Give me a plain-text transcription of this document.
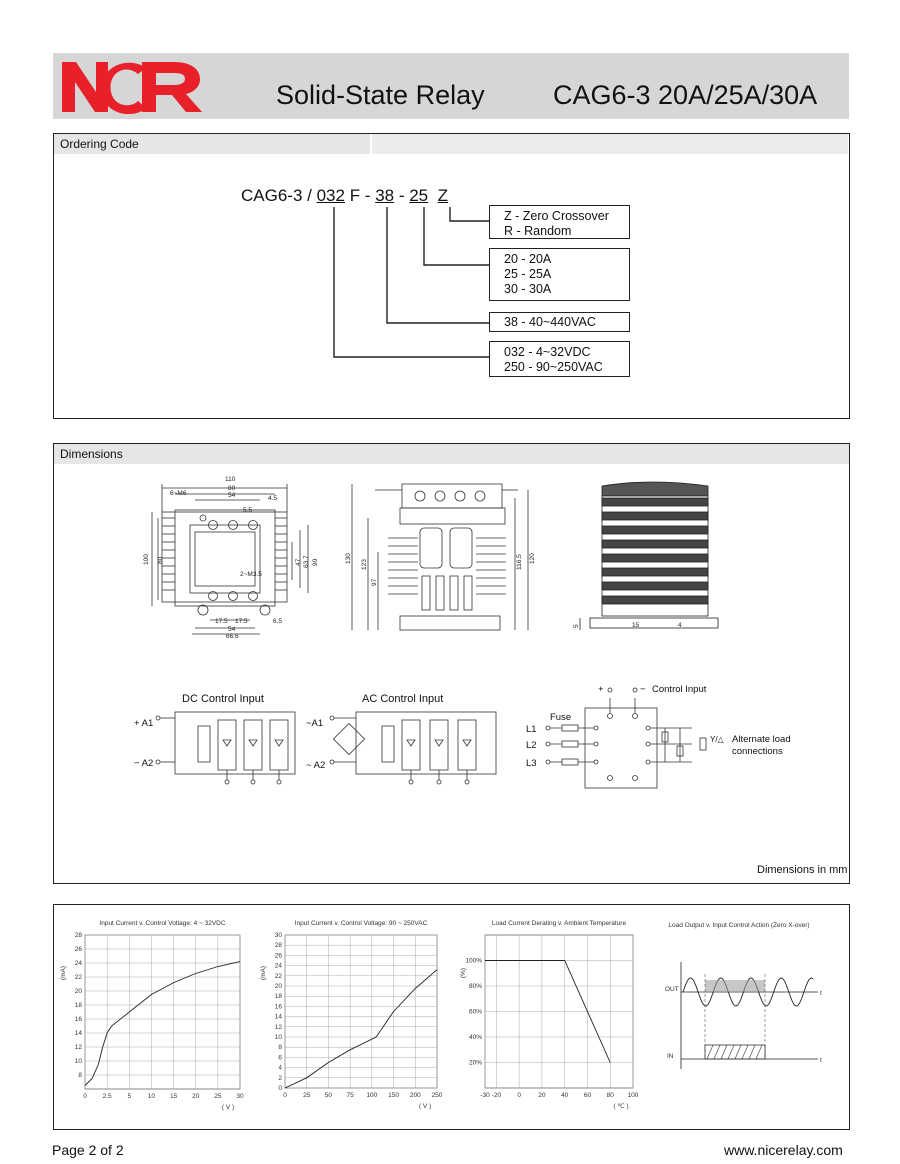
Solid-State Relay	CAG6-3 20A/25A/30A
Ordering Code
CAG6-3 / 032 F - 38 - 25 Z
Z - Zero Crossover
R - Random
20 - 20A
25 - 25A
30 - 30A
38 - 40~440VAC
032 - 4~32VDC
250 - 90~250VAC
Dimensions
110
80
54	4.5
5.5
6~M6
2~M3.5
100 80	47 63.7 90
17.5 17.5
54
66.6
6.5
130
123
97
116.5 120
5	15	4
DC Control Input	AC Control Input
+ A1
− A2
~A1
~ A2
+	− Control Input
Fuse
L1
L2
L3
Y/△ Alternate load
connections
Dimensions in mm
Input Current v. Control Voltage: 4 ~ 32VDC
0 2.5 5	10 15 20 25 30
8
10
12
14
16
18
20
22
24
26
28
( V )
(mA)
Input Current v. Control Voltage: 90 ~ 250VAC
0	25 50 75 100 150 200 250
0
2
4
6
8
10
12
14
16
18
20
22
24
26
28
30
( V )
(mA)
Load Current Derating v. Ambient Temperature
-30 -20	0	20 40 60 80 100
20%
40%
60%
80%
100%
( ℃ )
(%)
Load Output v. Input Control Action (Zero X-over)
OUT
IN
t
t
Page 2 of 2	www.nicerelay.com
